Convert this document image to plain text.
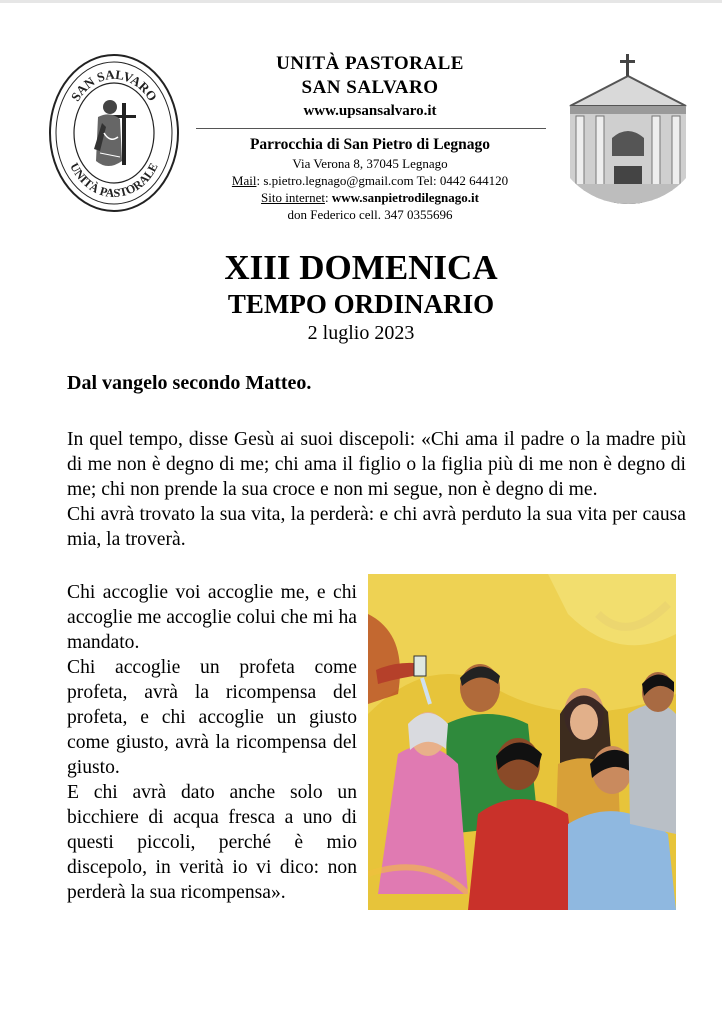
SAN SALVARO
UNITÀ PASTORALE
UNITÀ PASTORALE
SAN SALVARO
www.upsansalvaro.it
Parrocchia di San Pietro di Legnago
Via Verona 8, 37045 Legnago
Mail: s.pietro.legnago@gmail.com Tel: 0442 644120
Sito internet: www.sanpietrodilegnago.it
don Federico cell. 347 0355696
XIII DOMENICA
TEMPO ORDINARIO
2 luglio 2023
Dal vangelo secondo Matteo.

In quel tempo, disse Gesù ai suoi discepoli: «Chi ama il padre o la madre più di me non è degno di me; chi ama il figlio o la figlia più di me non è degno di me; chi non prende la sua croce e non mi segue, non è degno di me.

Chi avrà trovato la sua vita, la perderà: e chi avrà perduto la sua vita per causa mia, la troverà.

Chi accoglie voi accoglie me, e chi accoglie me accoglie colui che mi ha mandato.

Chi accoglie un profeta come profeta, avrà la ricompensa del profeta, e chi accoglie un giusto come giusto, avrà la ricompensa del giusto.

E chi avrà dato anche solo un bicchiere di acqua fresca a uno di questi piccoli, perché è mio discepolo, in verità io vi dico: non perderà la sua ricompensa».
